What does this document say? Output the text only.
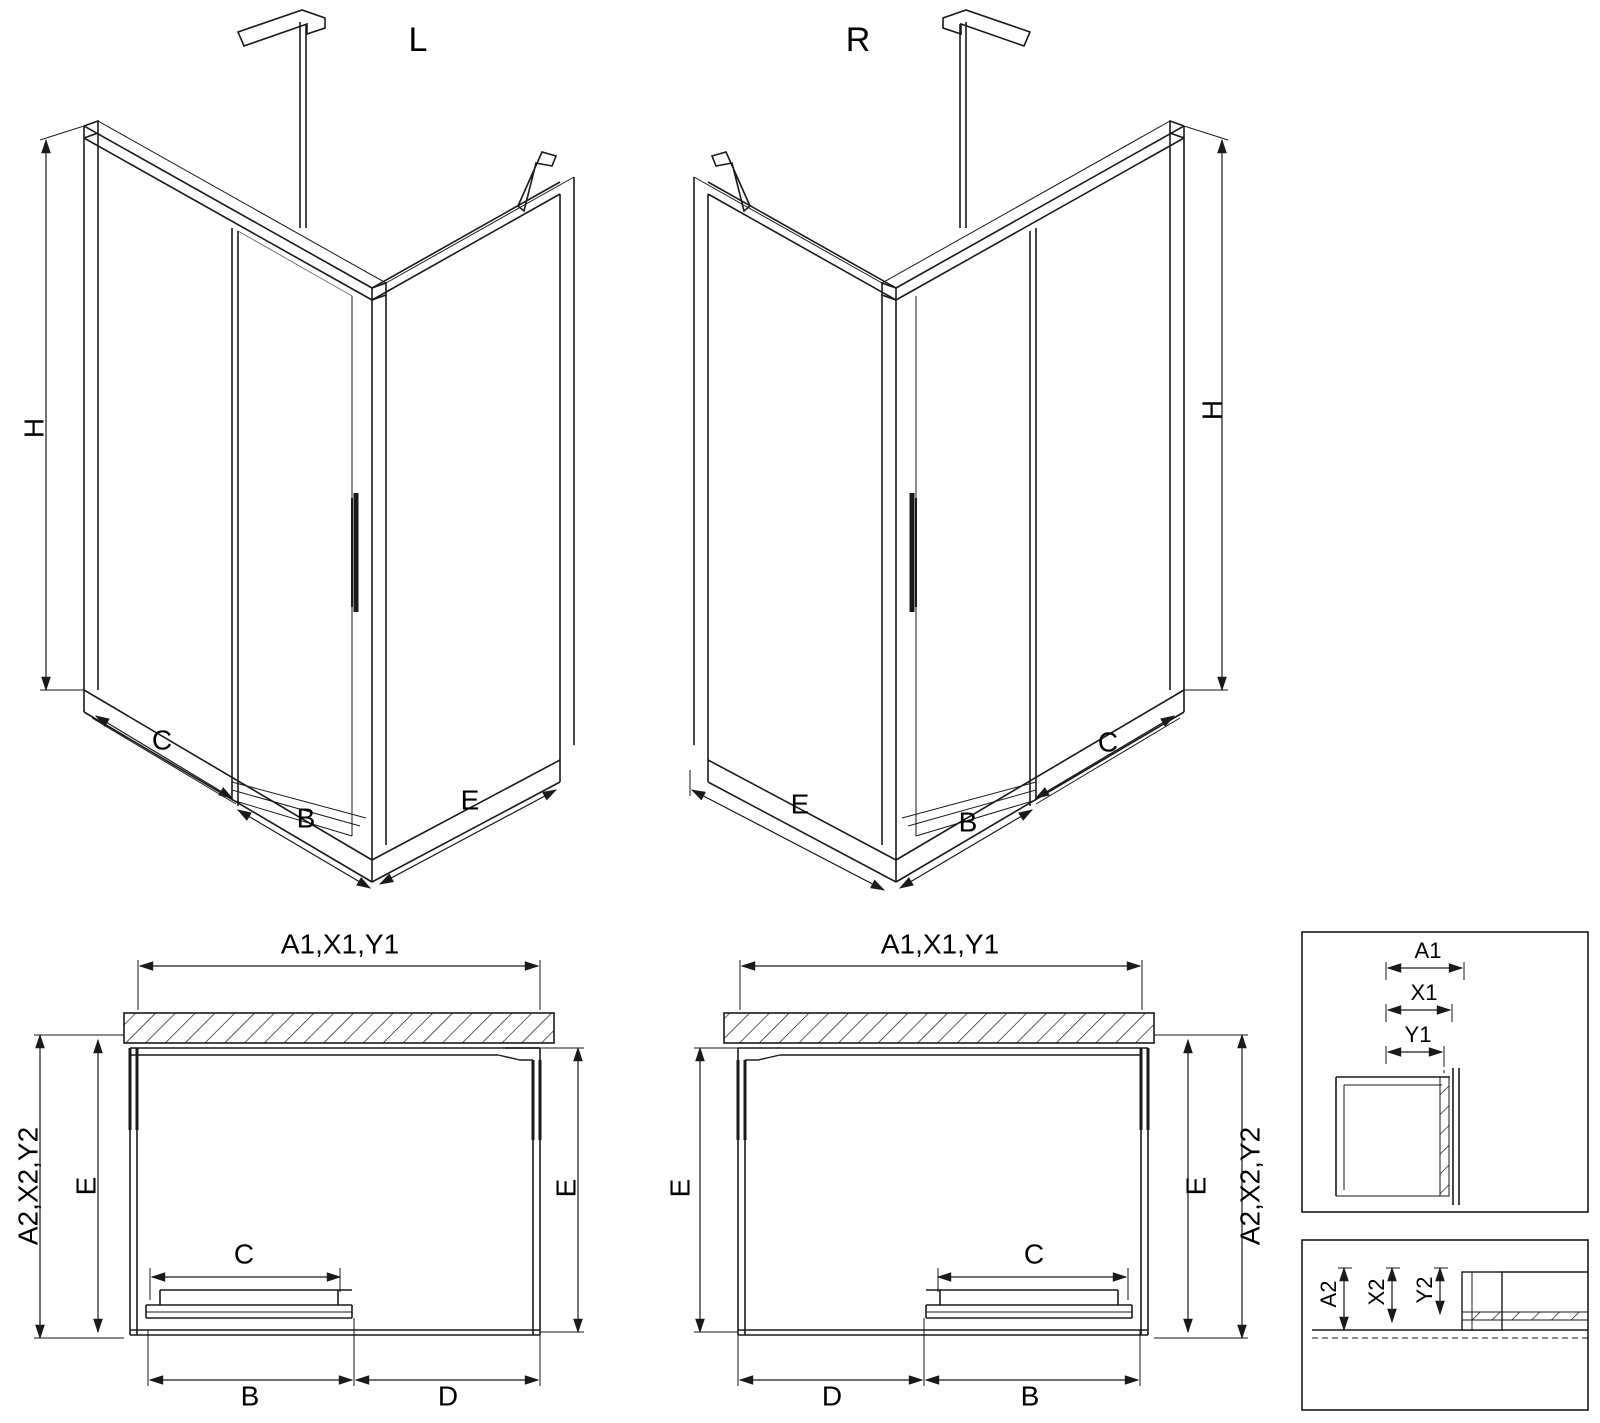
L
H
C
B
E
R
H
E
B
C
A1,X1,Y1
A2,X2,Y2 E	E
C
B	D
A1,X1,Y1
A2,X2,Y2
E
E
C
D	B
A1
X1
Y1
A2 X2 Y2
